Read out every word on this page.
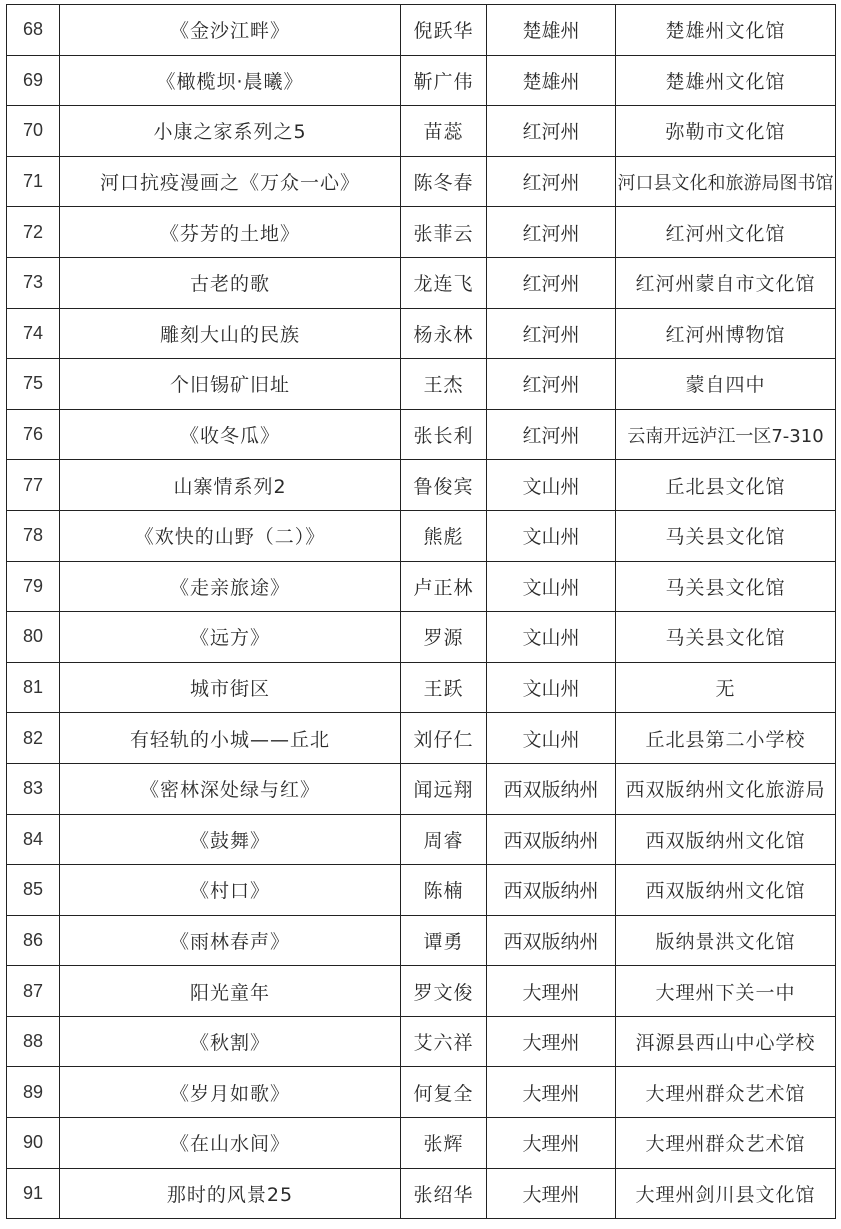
68	《金沙江畔》	倪跃华	楚雄州	楚雄州文化馆
69	《橄榄坝·晨曦》	靳广伟	楚雄州	楚雄州文化馆
70	小康之家系列之5	苗蕊	红河州	弥勒市文化馆
71	河口抗疫漫画之《万众一心》	陈冬春	红河州	河口县文化和旅游局图书馆
72	《芬芳的土地》	张菲云	红河州	红河州文化馆
73	古老的歌	龙连飞	红河州	红河州蒙自市文化馆
74	雕刻大山的民族	杨永林	红河州	红河州博物馆
75	个旧锡矿旧址	王杰	红河州	蒙自四中
76	《收冬瓜》	张长利	红河州	云南开远泸江一区7-310
77	山寨情系列2	鲁俊宾	文山州	丘北县文化馆
78	《欢快的山野（二）》	熊彪	文山州	马关县文化馆
79	《走亲旅途》	卢正林	文山州	马关县文化馆
80	《远方》	罗源	文山州	马关县文化馆
81	城市街区	王跃	文山州	无
82	有轻轨的小城——丘北	刘仔仁	文山州	丘北县第二小学校
83	《密林深处绿与红》	闻远翔	西双版纳州	西双版纳州文化旅游局
84	《鼓舞》	周睿	西双版纳州	西双版纳州文化馆
85	《村口》	陈楠	西双版纳州	西双版纳州文化馆
86	《雨林春声》	谭勇	西双版纳州	版纳景洪文化馆
87	阳光童年	罗文俊	大理州	大理州下关一中
88	《秋割》	艾六祥	大理州	洱源县西山中心学校
89	《岁月如歌》	何复全	大理州	大理州群众艺术馆
90	《在山水间》	张辉	大理州	大理州群众艺术馆
91	那时的风景25	张绍华	大理州	大理州剑川县文化馆
